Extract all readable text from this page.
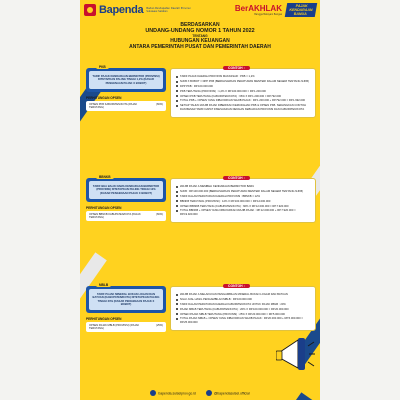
Bapenda Badan Pendapatan Daerah Provinsi Sulawesi Selatan	BerAKHLAK
Bangga Melayani Bangsa
PAJAK KENDARAAN BANUA
BERDASARKAN
UNDANG-UNDANG NOMOR 1 TAHUN 2022
TENTANG
HUBUNGAN KEUANGAN
ANTARA PEMERINTAH PUSAT DAN PEMERINTAH DAERAH
PKB
TARIF PAJAK KENDARAAN BERMOTOR (PROVINSI) DITETAPKAN PALING TINGGI 1,2% (DASAR PENGENAAN PAJAK X BOBOT)
PERHITUNGAN OPSEN
OPSEN PKB KABUPATEN/KOTA (PAJAK TERUTANG)
(66%)
CONTOH :
TARIF PAJAK DAERAH PROVINSI MAKASSAR : PKB = 1,2%
NJKB X BOBOT = DPP PKB (BERDASARKAN PERATURAN MENTERI DALAM NEGERI TENTANG NJKB)
DPP PKB : RP.100.000.000
PKB TERUTANG (PROVINSI) : 1,2% X RP.100.000.000 = RP.1.200.000
OPSEN PKB TERUTANG (KABUPATEN/KOTA) : 66% X RP.1.200.000 = RP.792.000
TOTAL PKB + OPSEN YANG DIBAYARKAN WAJIB PAJAK : RP.1.200.000 + RP.792.000 = RP.1.992.000
SETIAP TAHUN WAJIB PAJAK DIBERIKAN KEMUDAHAN PKB & OPSEN PKB. SEDANGKAN CONTOH DAN BESAR TARIF DAPAT DISESUAIKAN DENGAN KEBIJAKAN PROVINSI DAN KABUPATEN/KOTA
BBNKB
TARIF BEA BALIK NAMA KENDARAAN BERMOTOR (PROVINSI) DITETAPKAN PALING TINGGI 12% (DASAR PENGENAAN PAJAK X BOBOT)
PERHITUNGAN OPSEN
OPSEN BBNKB KABUPATEN/KOTA (PAJAK TERUTANG)
(66%)
CONTOH :
WAJIB PAJAK A MEMBELI KENDARAAN BERMOTOR BARU
NJKB : RP.100.000.000 (BERDASARKAN PERATURAN MENTERI DALAM NEGERI TENTANG NJKB)
TARIF DALAM PERATURAN DAERAH PROVINSI : BBNKB = 12%
BBNKB TERUTANG (PROVINSI) : 12% X RP.100.000.000 = RP.12.000.000
OPSEN BBNKB TERUTANG (KABUPATEN/KOTA) : 66% X RP.12.000.000 = RP.7.920.000
TOTAL BBNKB + OPSEN YANG DIBAYARKAN WAJIB PAJAK : RP.12.000.000 + RP.7.920.000 = RP.19.920.000
MBLB
TARIF PAJAK MINERAL BUKAN LOGAM DAN BATUAN (KABUPATEN/KOTA) DITETAPKAN PALING TINGGI 20% (DASAR PENGENAAN PAJAK X BOBOT)
PERHITUNGAN OPSEN
OPSEN PAJAK MBLB (PROVINSI) (PAJAK TERUTANG)
(25%)
CONTOH :
WAJIB PAJAK A MELAKUKAN PENGAMBILAN MINERAL BUKAN LOGAM DAN BATUAN
NILAI JUAL HASIL PENGAMBILAN MBLB : RP.100.000.000
TARIF DALAM PERATURAN DAERAH KABUPATEN/KOTA UNTUK PAJAK MBLB : 20%
PAJAK MBLB TERUTANG (KABUPATEN/KOTA) : 20% X RP.100.000.000 = RP.20.000.000
OPSEN PAJAK MBLB TERUTANG (PROVINSI) : 25% X RP.20.000.000 = RP.5.000.000
TOTAL PAJAK MBLB + OPSEN YANG DIBAYARKAN WAJIB PAJAK : RP.20.000.000 + RP.5.000.000 = RP.25.000.000
bapenda.sulselprov.go.id	@bapendasulsel.official
